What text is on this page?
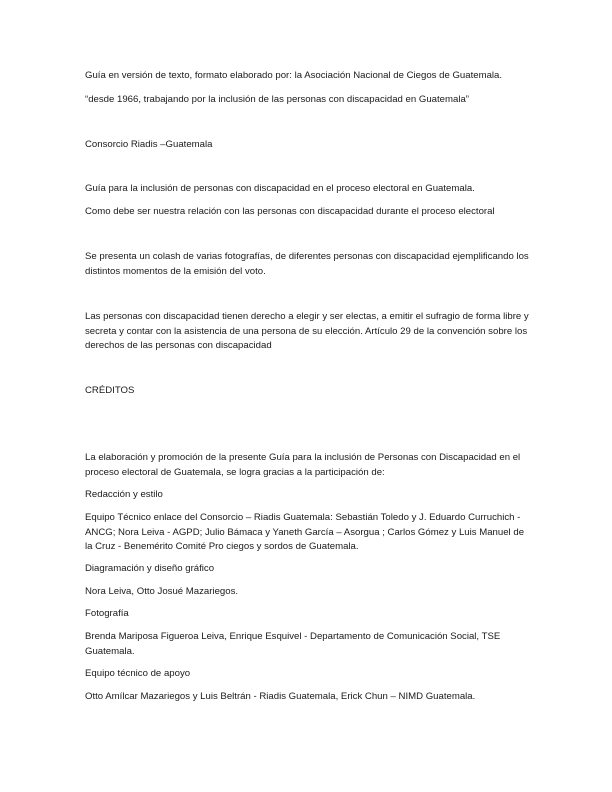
Guía en versión de texto, formato elaborado por: la Asociación Nacional de Ciegos de Guatemala.

“desde 1966, trabajando por la inclusión de las personas con discapacidad en Guatemala”

Consorcio Riadis –Guatemala

Guía para la inclusión de personas con discapacidad en el proceso electoral en Guatemala.

Como debe ser nuestra relación con las personas con discapacidad durante el proceso electoral

Se presenta un colash de varias fotografías, de diferentes personas con discapacidad ejemplificando los distintos momentos de la emisión del voto.

Las personas con discapacidad tienen derecho a elegir y ser electas, a emitir el sufragio de forma libre y secreta y contar con la asistencia de una persona de su elección. Artículo 29 de la convención sobre los derechos de las personas con discapacidad

CRÉDITOS

La elaboración y promoción de la presente Guía para la inclusión de Personas con Discapacidad en el proceso electoral de Guatemala, se logra gracias a la participación de:

Redacción y estilo

Equipo Técnico enlace del Consorcio – Riadis Guatemala: Sebastián Toledo y J. Eduardo Curruchich - ANCG; Nora Leiva - AGPD; Julio Bámaca y Yaneth García – Asorgua ; Carlos Gómez y Luis Manuel de la Cruz - Benemérito Comité Pro ciegos y sordos de Guatemala.

Diagramación y diseño gráfico

Nora Leiva, Otto Josué Mazariegos.

Fotografía

Brenda Mariposa Figueroa Leiva, Enrique Esquivel - Departamento de Comunicación Social, TSE Guatemala.

Equipo técnico de apoyo

Otto Amílcar Mazariegos y Luis Beltrán - Riadis Guatemala, Erick Chun – NIMD Guatemala.
